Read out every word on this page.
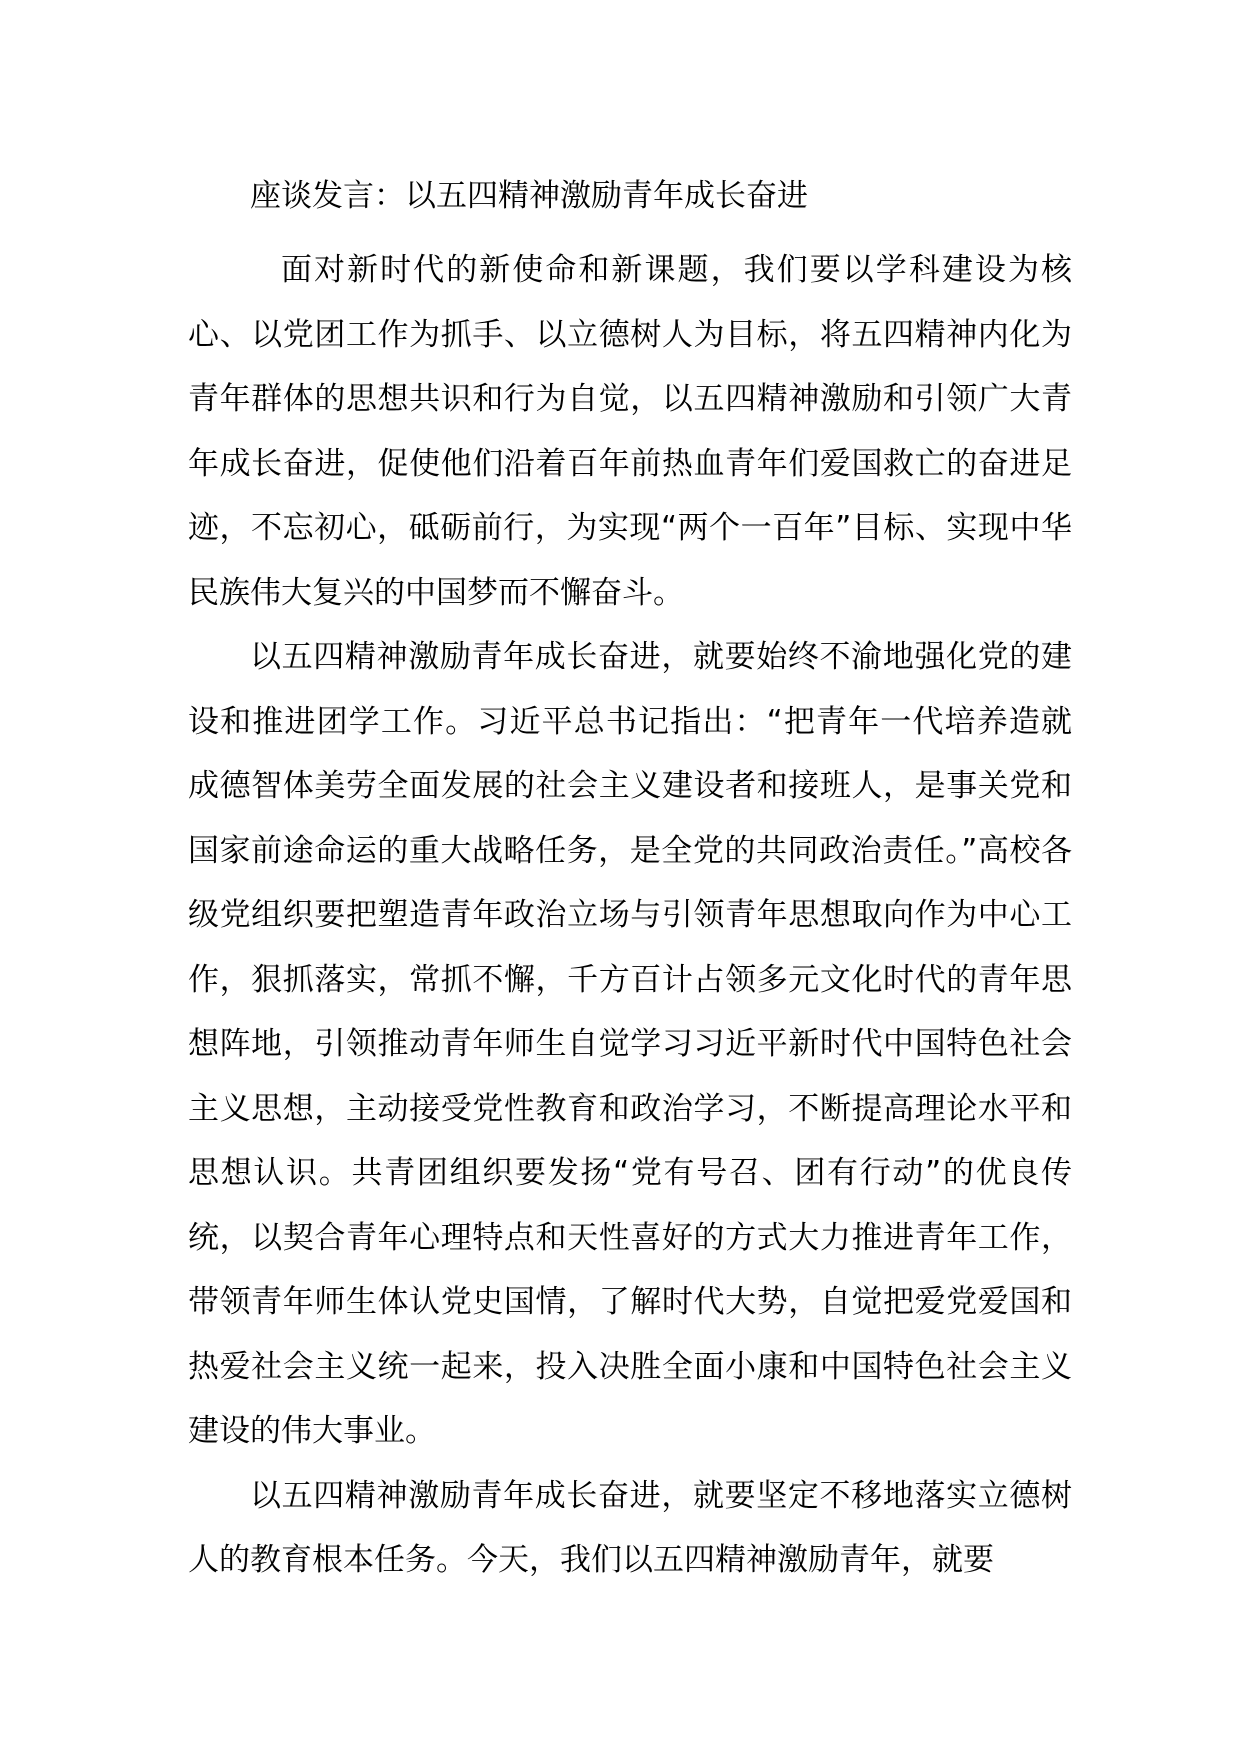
座谈发言：以五四精神激励青年成长奋进

面对新时代的新使命和新课题，我们要以学科建设为核心、以党团工作为抓手、以立德树人为目标，将五四精神内化为青年群体的思想共识和行为自觉，以五四精神激励和引领广大青年成长奋进，促使他们沿着百年前热血青年们爱国救亡的奋进足迹，不忘初心，砥砺前行，为实现“两个一百年”目标、实现中华民族伟大复兴的中国梦而不懈奋斗。

以五四精神激励青年成长奋进，就要始终不渝地强化党的建设和推进团学工作。习近平总书记指出：“把青年一代培养造就成德智体美劳全面发展的社会主义建设者和接班人，是事关党和国家前途命运的重大战略任务，是全党的共同政治责任。”高校各级党组织要把塑造青年政治立场与引领青年思想取向作为中心工作，狠抓落实，常抓不懈，千方百计占领多元文化时代的青年思想阵地，引领推动青年师生自觉学习习近平新时代中国特色社会主义思想，主动接受党性教育和政治学习，不断提高理论水平和思想认识。共青团组织要发扬“党有号召、团有行动”的优良传统，以契合青年心理特点和天性喜好的方式大力推进青年工作，带领青年师生体认党史国情，了解时代大势，自觉把爱党爱国和热爱社会主义统一起来，投入决胜全面小康和中国特色社会主义建设的伟大事业。

以五四精神激励青年成长奋进，就要坚定不移地落实立德树人的教育根本任务。今天，我们以五四精神激励青年，就要
